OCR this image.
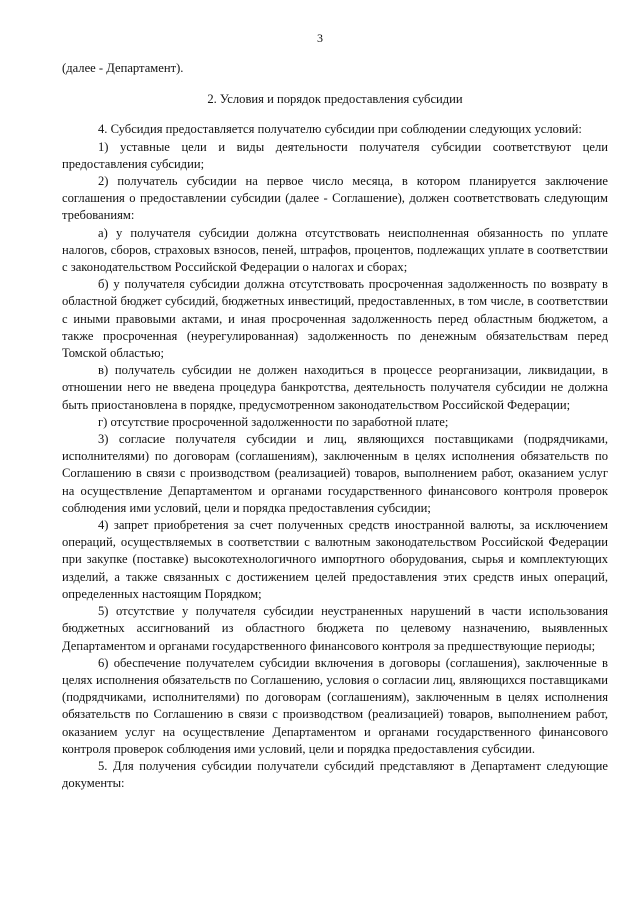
3

(далее - Департамент).

2. Условия и порядок предоставления субсидии

4. Субсидия предоставляется получателю субсидии при соблюдении следующих условий:

1) уставные цели и виды деятельности получателя субсидии соответствуют цели предоставления субсидии;

2) получатель субсидии на первое число месяца, в котором планируется заключение соглашения о предоставлении субсидии (далее - Соглашение), должен соответствовать следующим требованиям:

а) у получателя субсидии должна отсутствовать неисполненная обязанность по уплате налогов, сборов, страховых взносов, пеней, штрафов, процентов, подлежащих уплате в соответствии с законодательством Российской Федерации о налогах и сборах;

б) у получателя субсидии должна отсутствовать просроченная задолженность по возврату в областной бюджет субсидий, бюджетных инвестиций, предоставленных, в том числе, в соответствии с иными правовыми актами, и иная просроченная задолженность перед областным бюджетом, а также просроченная (неурегулированная) задолженность по денежным обязательствам перед Томской областью;

в) получатель субсидии не должен находиться в процессе реорганизации, ликвидации, в отношении него не введена процедура банкротства, деятельность получателя субсидии не должна быть приостановлена в порядке, предусмотренном законодательством Российской Федерации;

г) отсутствие просроченной задолженности по заработной плате;

3) согласие получателя субсидии и лиц, являющихся поставщиками (подрядчиками, исполнителями) по договорам (соглашениям), заключенным в целях исполнения обязательств по Соглашению в связи с производством (реализацией) товаров, выполнением работ, оказанием услуг на осуществление Департаментом и органами государственного финансового контроля проверок соблюдения ими условий, цели и порядка предоставления субсидии;

4) запрет приобретения за счет полученных средств иностранной валюты, за исключением операций, осуществляемых в соответствии с валютным законодательством Российской Федерации при закупке (поставке) высокотехнологичного импортного оборудования, сырья и комплектующих изделий, а также связанных с достижением целей предоставления этих средств иных операций, определенных настоящим Порядком;

5) отсутствие у получателя субсидии неустраненных нарушений в части использования бюджетных ассигнований из областного бюджета по целевому назначению, выявленных Департаментом и органами государственного финансового контроля за предшествующие периоды;

6) обеспечение получателем субсидии включения в договоры (соглашения), заключенные в целях исполнения обязательств по Соглашению, условия о согласии лиц, являющихся поставщиками (подрядчиками, исполнителями) по договорам (соглашениям), заключенным в целях исполнения обязательств по Соглашению в связи с производством (реализацией) товаров, выполнением работ, оказанием услуг на осуществление Департаментом и органами государственного финансового контроля проверок соблюдения ими условий, цели и порядка предоставления субсидии.

5. Для получения субсидии получатели субсидий представляют в Департамент следующие документы:
